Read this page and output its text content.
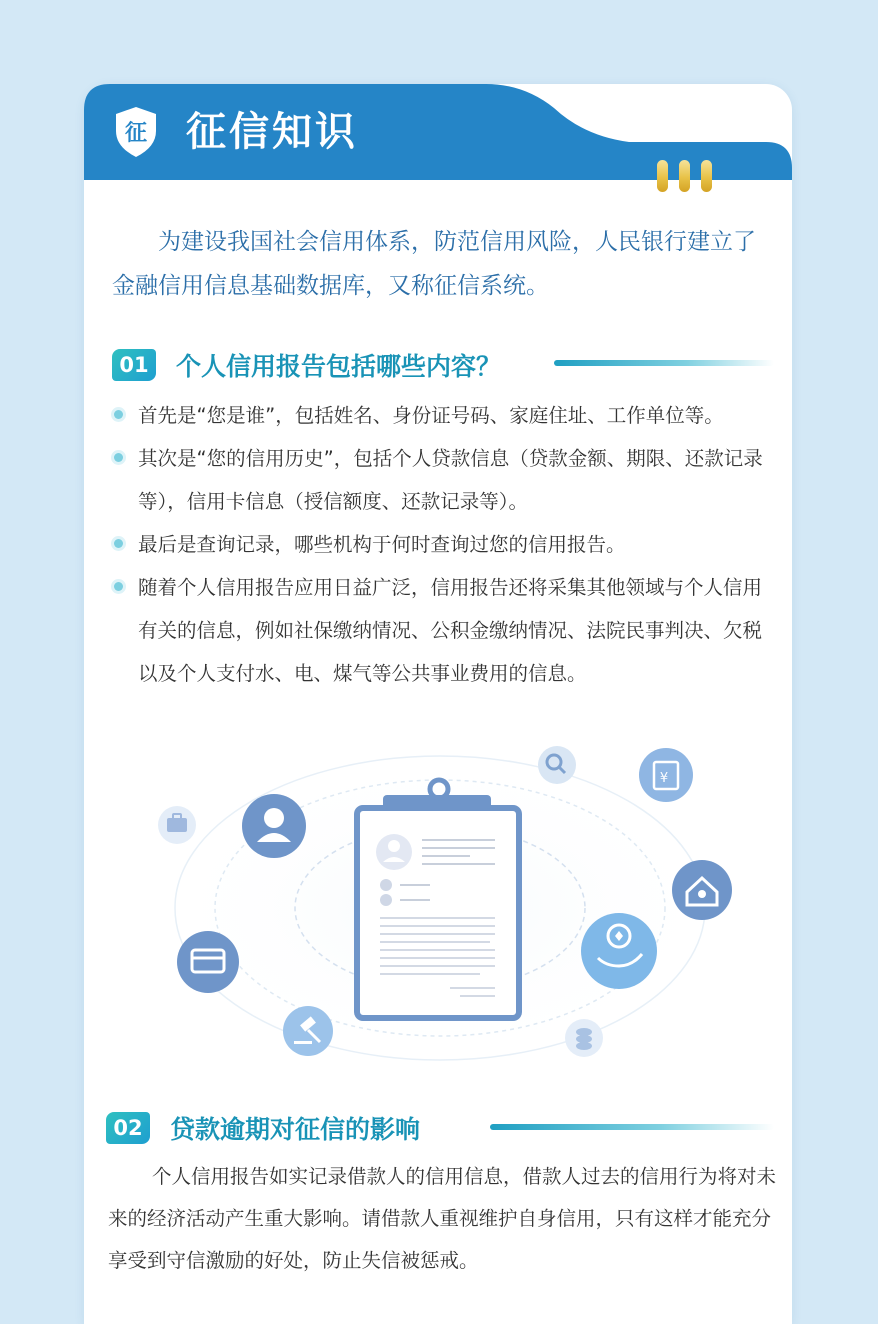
征 征信知识

为建设我国社会信用体系，防范信用风险，人民银行建立了金融信用信息基础数据库，又称征信系统。

01 个人信用报告包括哪些内容？
首先是“您是谁”，包括姓名、身份证号码、家庭住址、工作单位等。
其次是“您的信用历史”，包括个人贷款信息（贷款金额、期限、还款记录等），信用卡信息（授信额度、还款记录等）。
最后是查询记录，哪些机构于何时查询过您的信用报告。
随着个人信用报告应用日益广泛，信用报告还将采集其他领域与个人信用有关的信息，例如社保缴纳情况、公积金缴纳情况、法院民事判决、欠税以及个人支付水、电、煤气等公共事业费用的信息。
¥
02 贷款逾期对征信的影响

个人信用报告如实记录借款人的信用信息，借款人过去的信用行为将对未来的经济活动产生重大影响。请借款人重视维护自身信用，只有这样才能充分享受到守信激励的好处，防止失信被惩戒。
